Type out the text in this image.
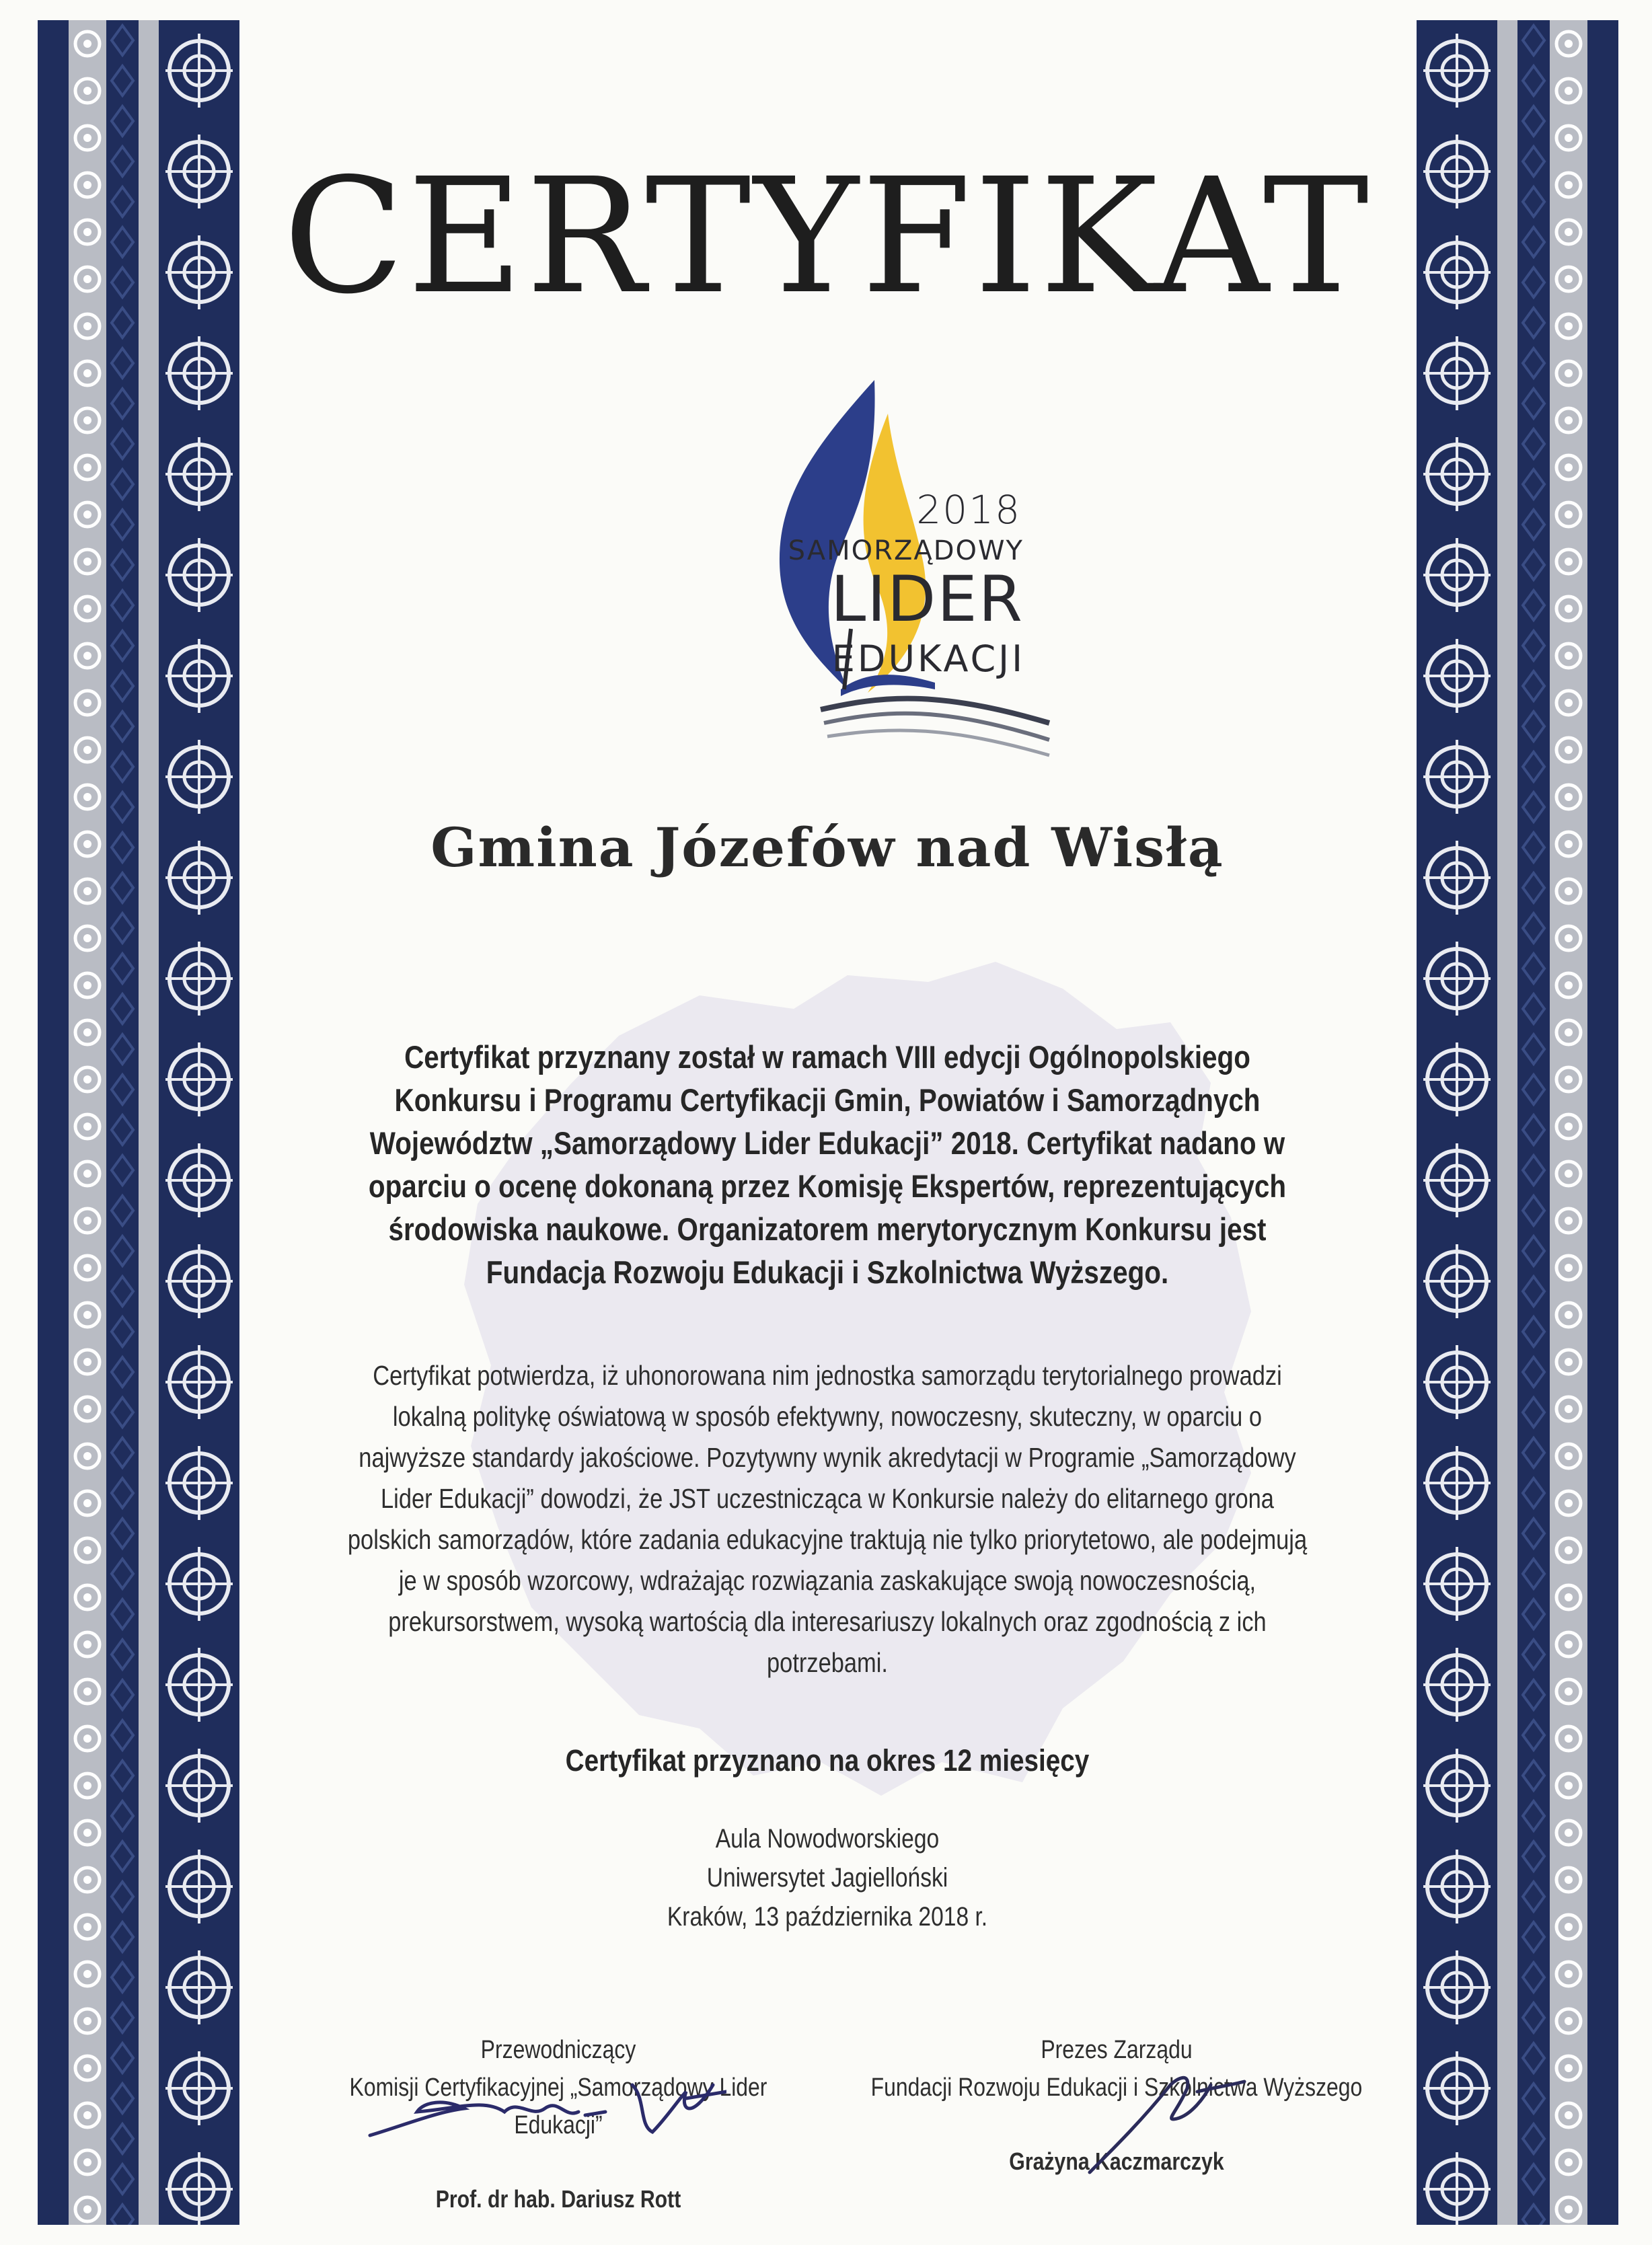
CERTYFIKAT
2018
SAMORZĄDOWY
LIDER
EDUKACJI
Gmina Józefów nad Wisłą
Certyfikat przyznany został w ramach VIII edycji Ogólnopolskiego Konkursu i Programu Certyfikacji Gmin, Powiatów i Samorządnych Województw „Samorządowy Lider Edukacji” 2018. Certyfikat nadano w oparciu o ocenę dokonaną przez Komisję Ekspertów, reprezentujących środowiska naukowe. Organizatorem merytorycznym Konkursu jest Fundacja Rozwoju Edukacji i Szkolnictwa Wyższego.
Certyfikat potwierdza, iż uhonorowana nim jednostka samorządu terytorialnego prowadzi lokalną politykę oświatową w sposób efektywny, nowoczesny, skuteczny, w oparciu o najwyższe standardy jakościowe. Pozytywny wynik akredytacji w Programie „Samorządowy Lider Edukacji” dowodzi, że JST uczestnicząca w Konkursie należy do elitarnego grona polskich samorządów, które zadania edukacyjne traktują nie tylko priorytetowo, ale podejmują je w sposób wzorcowy, wdrażając rozwiązania zaskakujące swoją nowoczesnością, prekursorstwem, wysoką wartością dla interesariuszy lokalnych oraz zgodnością z ich potrzebami.
Certyfikat przyznano na okres 12 miesięcy
Aula Nowodworskiego
Uniwersytet Jagielloński
Kraków, 13 października 2018 r.
Przewodniczący
Komisji Certyfikacyjnej „Samorządowy Lider Edukacji”
Prof. dr hab. Dariusz Rott
Prezes Zarządu
Fundacji Rozwoju Edukacji i Szkolnictwa Wyższego
Grażyna Kaczmarczyk
